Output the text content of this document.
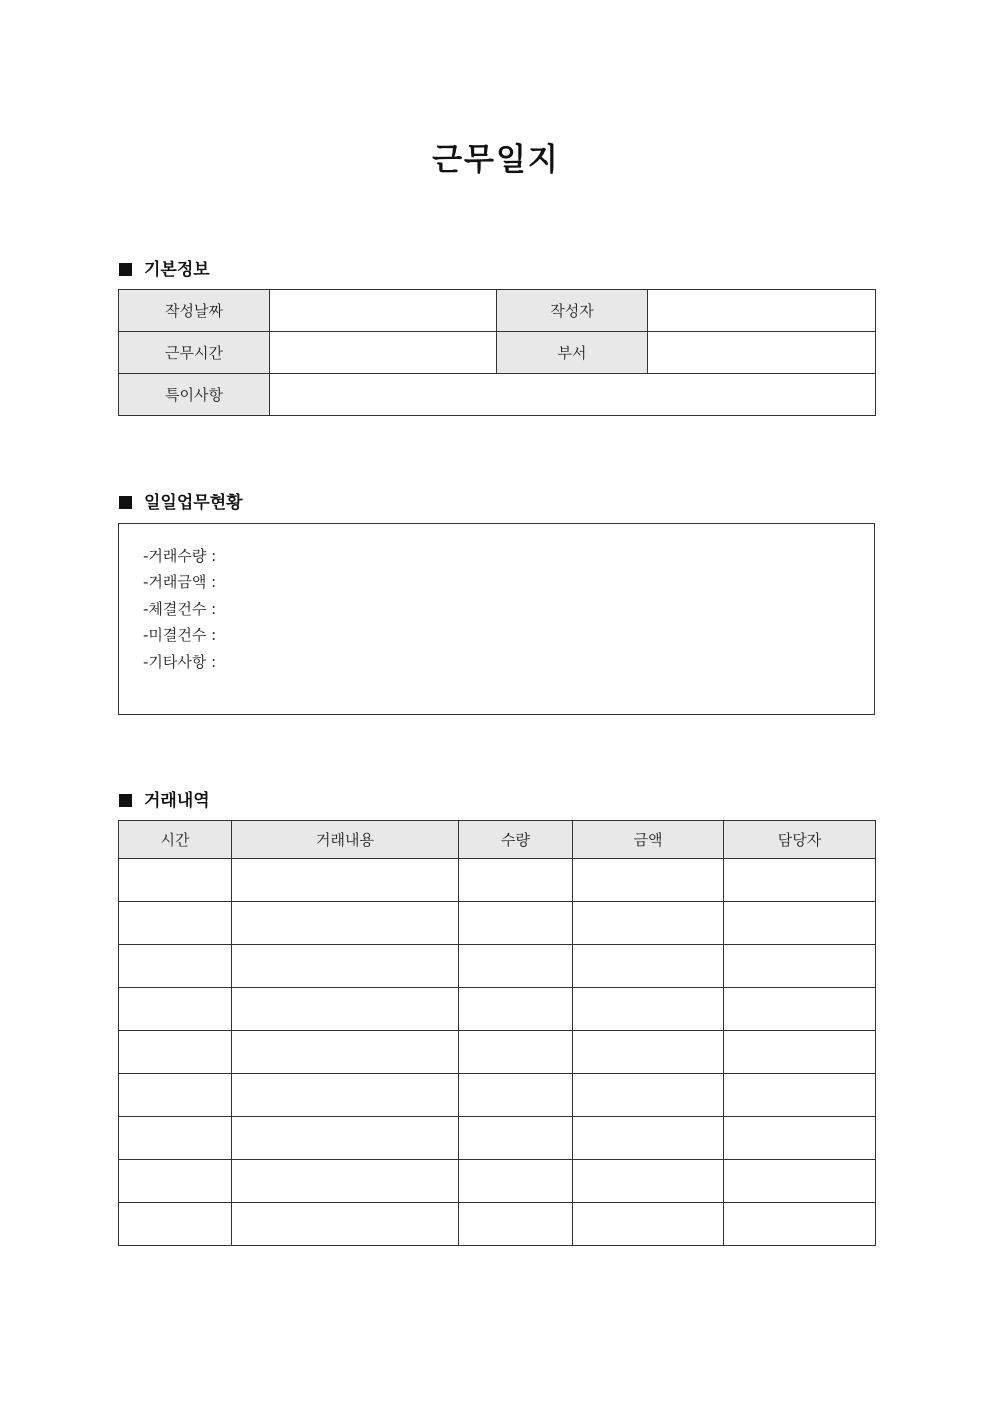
근무일지
기본정보
작성날짜		작성자	
근무시간		부서	
특이사항			
일일업무현황
-거래수량 :
-거래금액 :
-체결건수 :
-미결건수 :
-기타사항 :
거래내역
시간	거래내용	수량	금액	담당자
